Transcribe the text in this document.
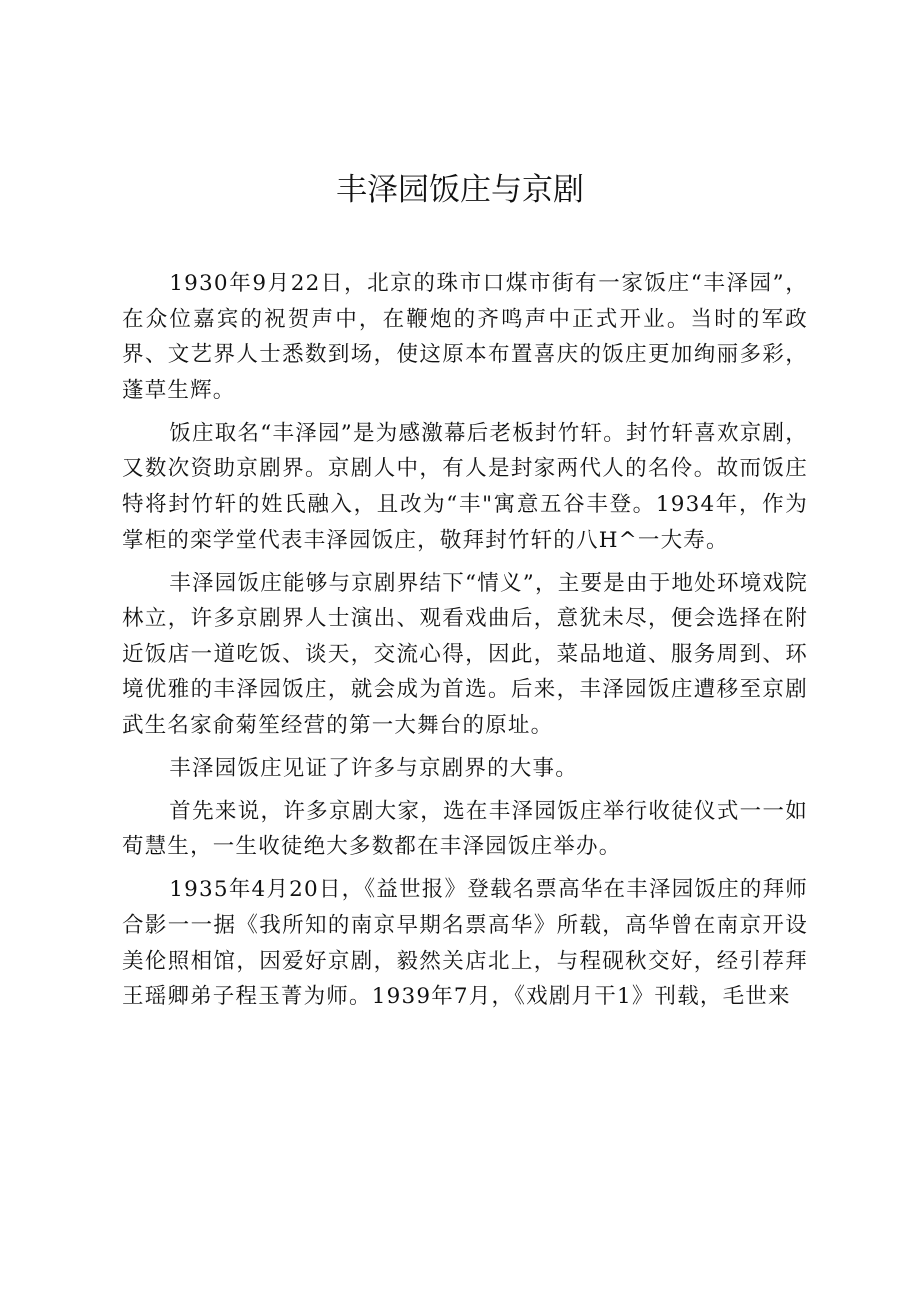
丰泽园饭庄与京剧

1930年9月22日，北京的珠市口煤市街有一家饭庄“丰泽园”，在众位嘉宾的祝贺声中，在鞭炮的齐鸣声中正式开业。当时的军政界、文艺界人士悉数到场，使这原本布置喜庆的饭庄更加绚丽多彩，蓬草生辉。

饭庄取名“丰泽园”是为感激幕后老板封竹轩。封竹轩喜欢京剧，又数次资助京剧界。京剧人中，有人是封家两代人的名伶。故而饭庄特将封竹轩的姓氏融入，且改为“丰"寓意五谷丰登。1934年，作为掌柜的栾学堂代表丰泽园饭庄，敬拜封竹轩的八H^一大寿。

丰泽园饭庄能够与京剧界结下“情义”，主要是由于地处环境戏院林立，许多京剧界人士演出、观看戏曲后，意犹未尽，便会选择在附近饭店一道吃饭、谈天，交流心得，因此，菜品地道、服务周到、环境优雅的丰泽园饭庄，就会成为首选。后来，丰泽园饭庄遭移至京剧武生名家俞菊笙经营的第一大舞台的原址。

丰泽园饭庄见证了许多与京剧界的大事。

首先来说，许多京剧大家，选在丰泽园饭庄举行收徒仪式一一如荀慧生，一生收徒绝大多数都在丰泽园饭庄举办。

1935年4月20日，《益世报》登载名票高华在丰泽园饭庄的拜师合影一一据《我所知的南京早期名票高华》所载，高华曾在南京开设美伦照相馆，因爱好京剧，毅然关店北上，与程砚秋交好，经引荐拜王瑶卿弟子程玉菁为师。1939年7月，《戏剧月干1》刊载，毛世来
